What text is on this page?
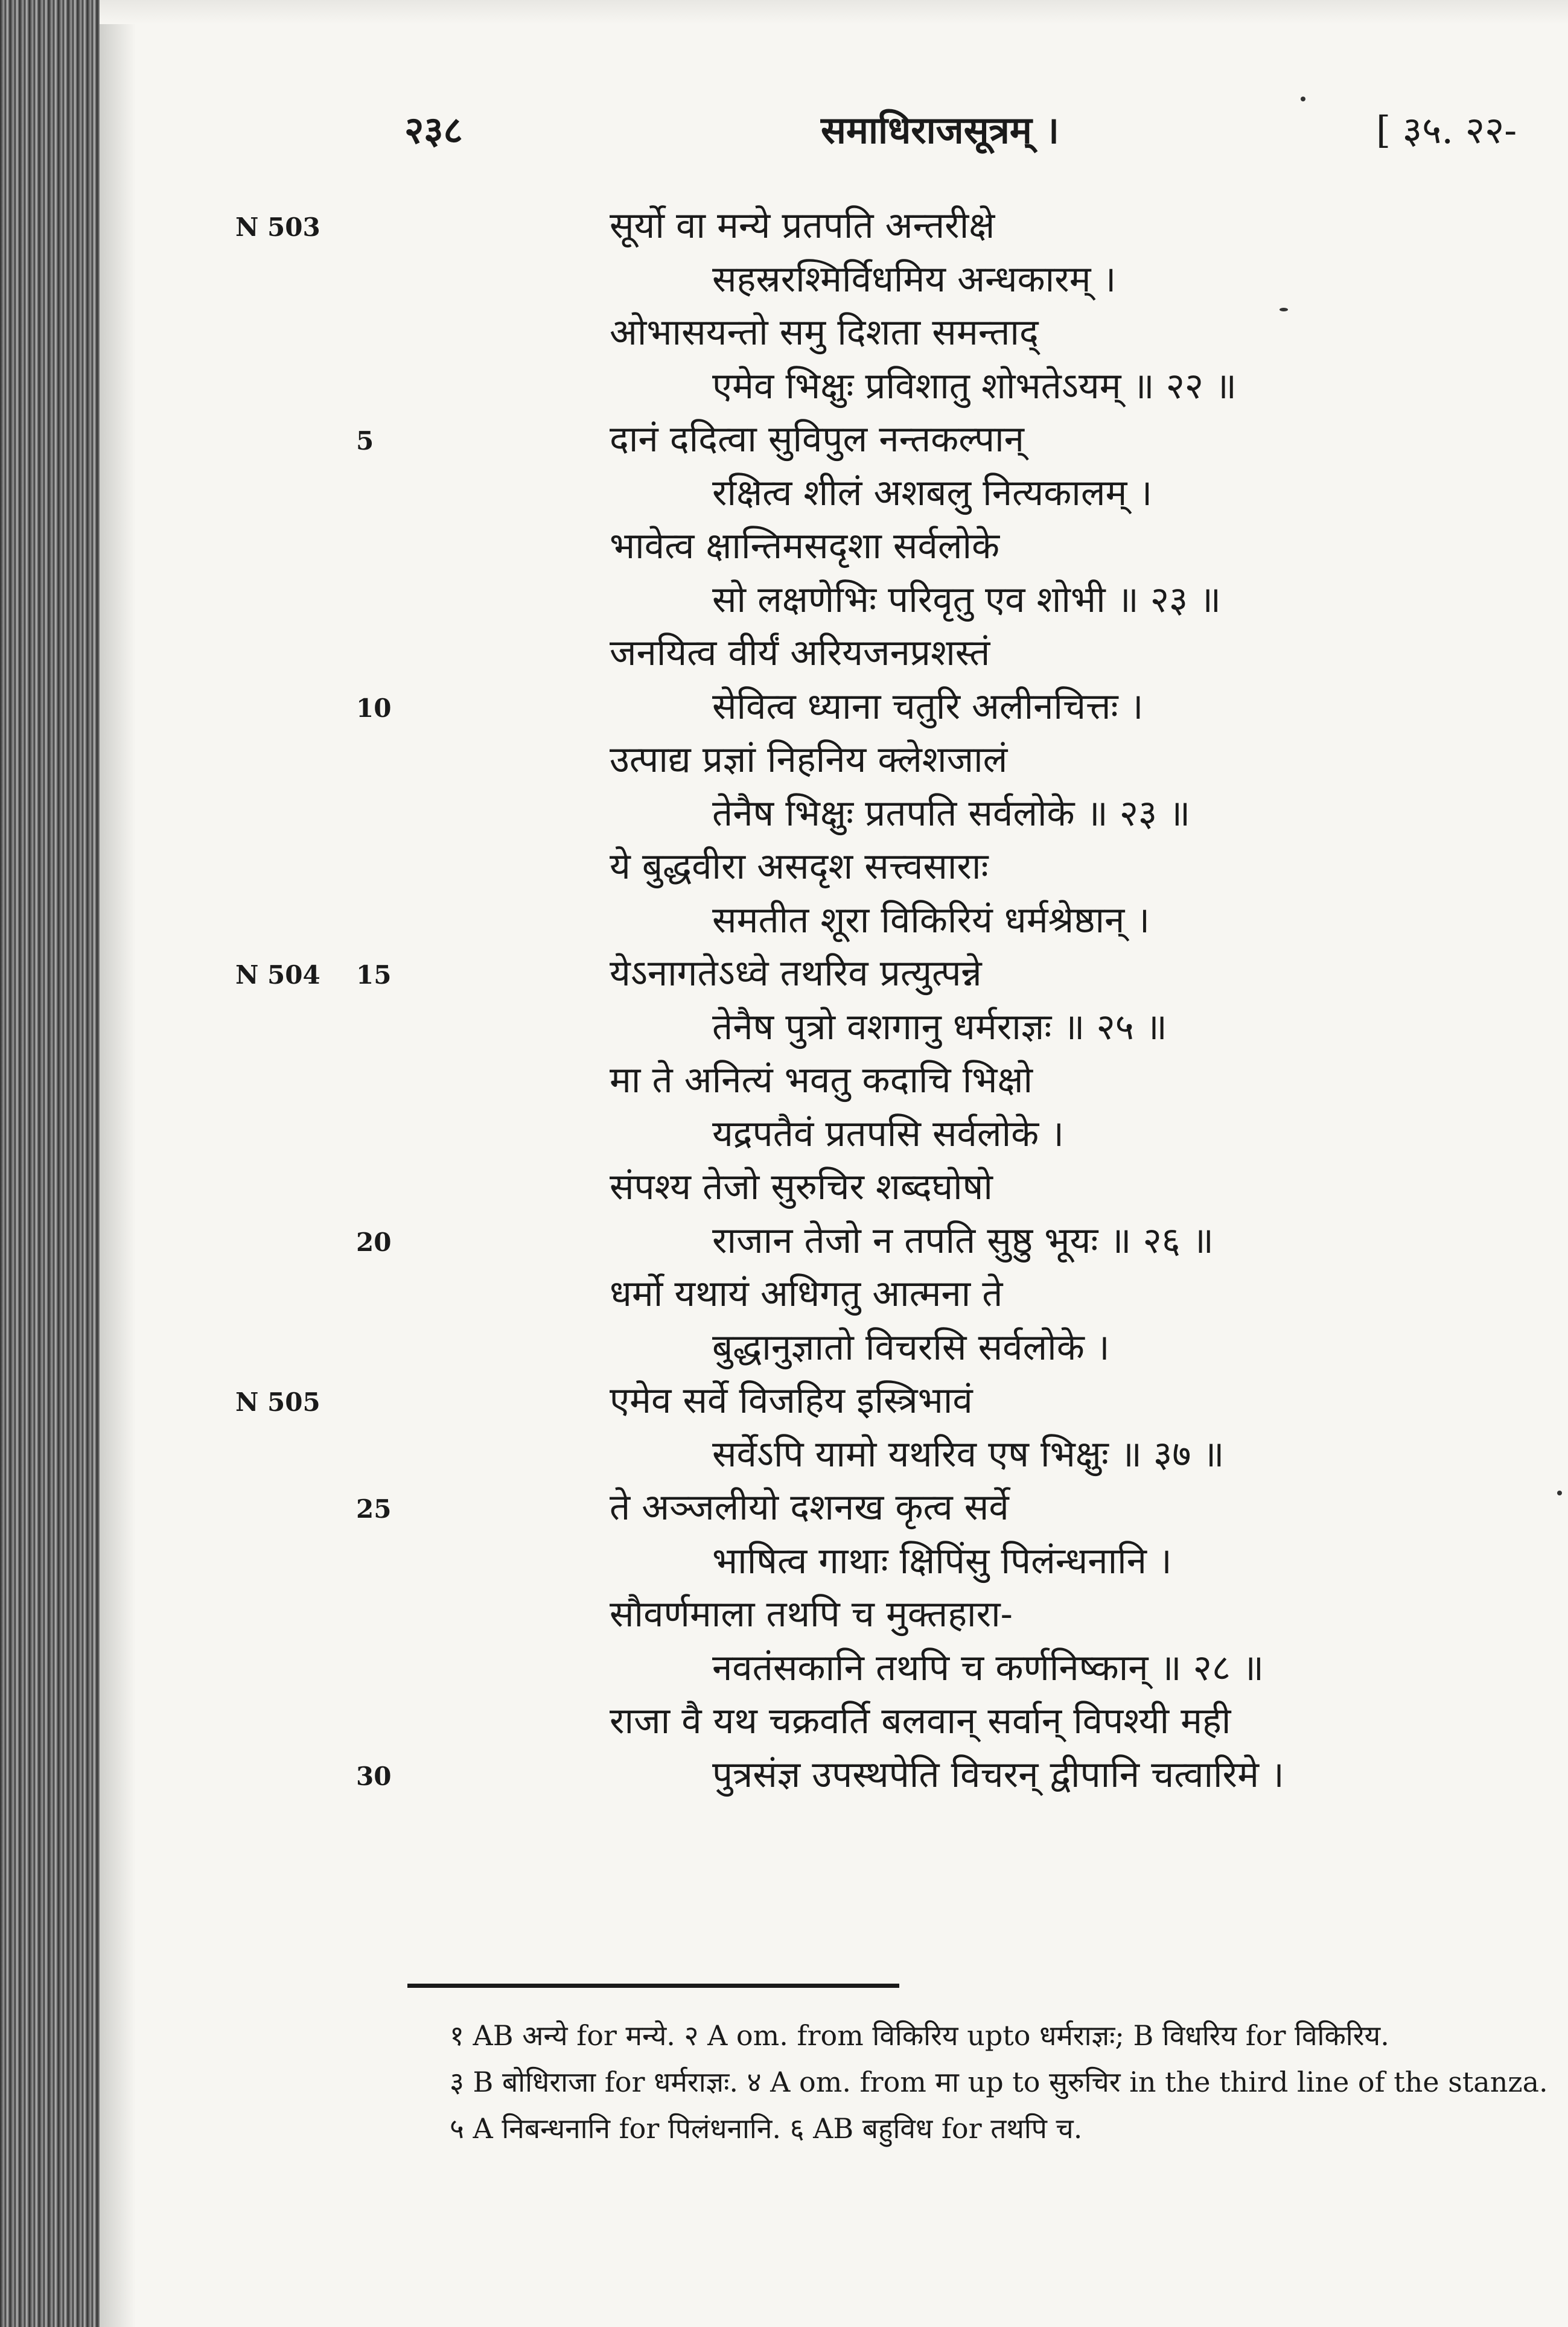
२३८	समाधिराजसूत्रम् ।	[ ३५. २२-
N 503	सूर्यो वा मन्ये प्रतपति अन्तरीक्षे
सहस्ररश्मिर्विधमिय अन्धकारम् ।
ओभासयन्तो समु दिशता समन्ताद्
एमेव भिक्षुः प्रविशातु शोभतेऽयम् ॥ २२ ॥
5	दानं ददित्वा सुविपुल नन्तकल्पान्
रक्षित्व शीलं अशबलु नित्यकालम् ।
भावेत्व क्षान्तिमसदृशा सर्वलोके
सो लक्षणेभिः परिवृतु एव शोभी ॥ २३ ॥
जनयित्व वीर्यं अरियजनप्रशस्तं
10	सेवित्व ध्याना चतुरि अलीनचित्तः ।
उत्पाद्य प्रज्ञां निहनिय क्लेशजालं
तेनैष भिक्षुः प्रतपति सर्वलोके ॥ २३ ॥
ये बुद्धवीरा असदृश सत्त्वसाराः
समतीत शूरा विकिरियं धर्मश्रेष्ठान् ।
N 504 15	येऽनागतेऽध्वे तथरिव प्रत्युत्पन्ने
तेनैष पुत्रो वशगानु धर्मराज्ञः ॥ २५ ॥
मा ते अनित्यं भवतु कदाचि भिक्षो
यद्रपतैवं प्रतपसि सर्वलोके ।
संपश्य तेजो सुरुचिर शब्दघोषो
20	राजान तेजो न तपति सुष्ठु भूयः ॥ २६ ॥
धर्मो यथायं अधिगतु आत्मना ते
बुद्धानुज्ञातो विचरसि सर्वलोके ।
N 505	एमेव सर्वे विजहिय इस्त्रिभावं
सर्वेऽपि यामो यथरिव एष भिक्षुः ॥ ३७ ॥
25	ते अञ्जलीयो दशनख कृत्व सर्वे
भाषित्व गाथाः क्षिपिंसु पिलंन्धनानि ।
सौवर्णमाला तथपि च मुक्तहारा-
नवतंसकानि तथपि च कर्णनिष्कान् ॥ २८ ॥
राजा वै यथ चक्रवर्ति बलवान् सर्वान् विपश्यी मही
30	पुत्रसंज्ञ उपस्थपेति विचरन् द्वीपानि चत्वारिमे ।
१ AB अन्ये for मन्ये. २ A om. from विकिरिय upto धर्मराज्ञः; B विधरिय for विकिरिय.
३ B बोधिराजा for धर्मराज्ञः. ४ A om. from मा up to सुरुचिर in the third line of the stanza.
५ A निबन्धनानि for पिलंधनानि. ६ AB बहुविध for तथपि च.
